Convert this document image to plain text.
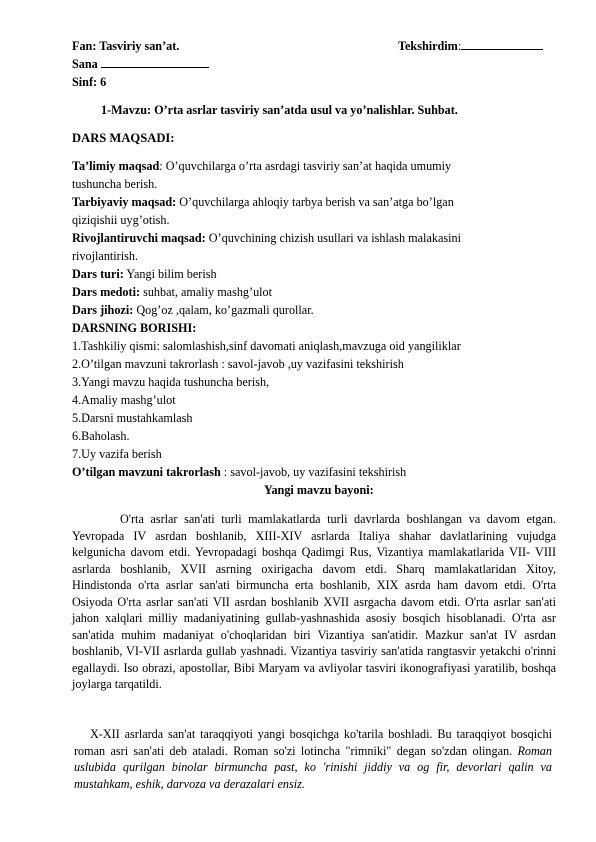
Fan: Tasviriy san’at.	Tekshirdim:
Sana
Sinf: 6
1-Mavzu: O’rta asrlar tasviriy san’atda usul va yo’nalishlar. Suhbat.
DARS MAQSADI:
Ta’limiy maqsad: O’quvchilarga o’rta asrdagi tasviriy san’at haqida umumiy
tushuncha berish.
Tarbiyaviy maqsad: O’quvchilarga ahloqiy tarbya berish va san’atga bo’lgan
qiziqishii uyg’otish.
Rivojlantiruvchi maqsad: O’quvchining chizish usullari va ishlash malakasini
rivojlantirish.
Dars turi: Yangi bilim berish
Dars medoti: suhbat, amaliy mashg’ulot
Dars jihozi: Qog’oz ,qalam, ko’gazmali qurollar.
DARSNING BORISHI:
1.Tashkiliy qismi: salomlashish,sinf davomati aniqlash,mavzuga oid yangiliklar
2.O’tilgan mavzuni takrorlash : savol-javob ,uy vazifasini tekshirish
3.Yangi mavzu haqida tushuncha berish,
4.Amaliy mashg’ulot
5.Darsni mustahkamlash
6.Baholash.
7.Uy vazifa berish
O’tilgan mavzuni takrorlash : savol-javob, uy vazifasini tekshirish
Yangi mavzu bayoni:

O'rta asrlar san'ati turli mamlakatlarda turli davrlarda boshlangan va davom etgan. Yevropada IV asrdan boshlanib, XIII-XIV asrlarda Italiya shahar davlatlarining vujudga kelgunicha davom etdi. Yevropadagi boshqa Qadimgi Rus, Vizantiya mamlakatlarida VII- VIII asrlarda boshlanib, XVII asrning oxirigacha davom etdi. Sharq mamlakatlaridan Xitoy, Hindistonda o'rta asrlar san'ati birmuncha erta boshlanib, XIX asrda ham davom etdi. O'rta Osiyoda O'rta asrlar san'ati VII asrdan boshlanib XVII asrgacha davom etdi. O'rta asrlar san'ati jahon xalqlari milliy madaniyatining gullab-yashnashida asosiy bosqich hisoblanadi. O'rta asr san'atida muhim madaniyat o'choqlaridan biri Vizantiya san'atidir. Mazkur san'at IV asrdan boshlanib, VI-VII asrlarda gullab yashnadi. Vizantiya tasviriy san'atida rangtasvir yetakchi o'rinni egallaydi. Iso obrazi, apostollar, Bibi Maryam va avliyolar tasviri ikonografiyasi yaratilib, boshqa joylarga tarqatildi.

X-XII asrlarda san'at taraqqiyoti yangi bosqichga ko'tarila boshladi. Bu taraqqiyot bosqichi roman asri san'ati deb ataladi. Roman so'zi lotincha "rimniki" degan so'zdan olingan. Roman uslubida qurilgan binolar birmuncha past, ko 'rinishi jiddiy va og fir, devorlari qalin va mustahkam, eshik, darvoza va derazalari ensiz.
